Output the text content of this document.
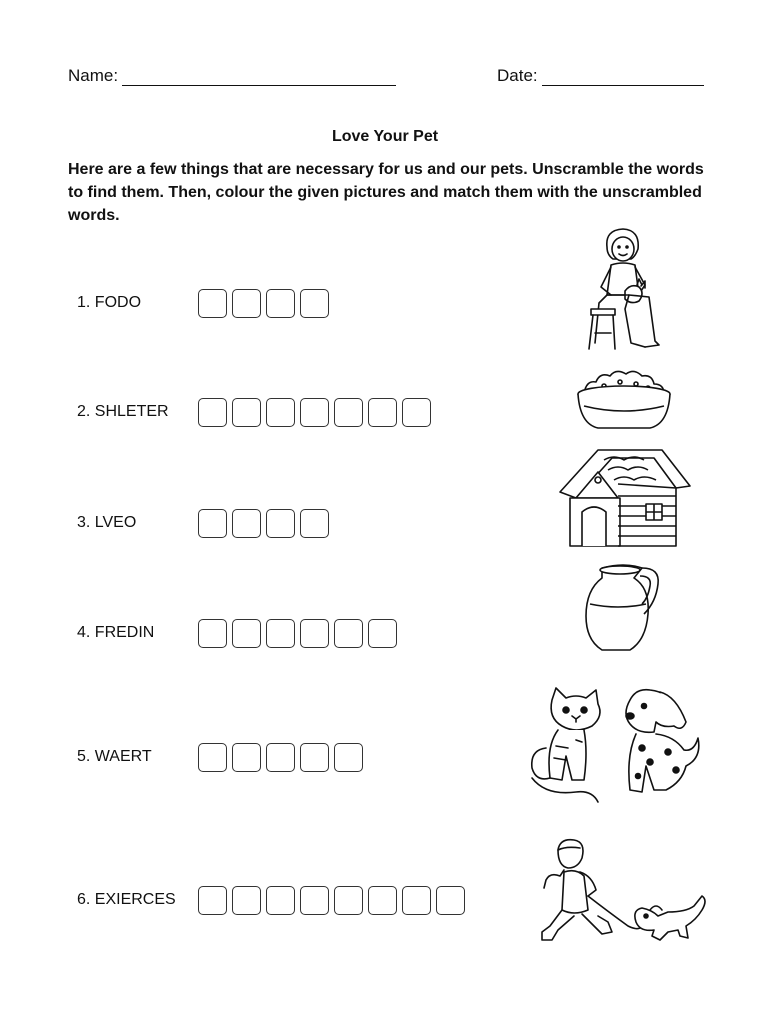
Name:	Date:
Love Your Pet
Here are a few things that are necessary for us and our pets. Unscramble the words to find them. Then, colour the given pictures and match them with the unscrambled words.
1. FODO
2. SHLETER
3. LVEO
4. FREDIN
5. WAERT
6. EXIERCES
